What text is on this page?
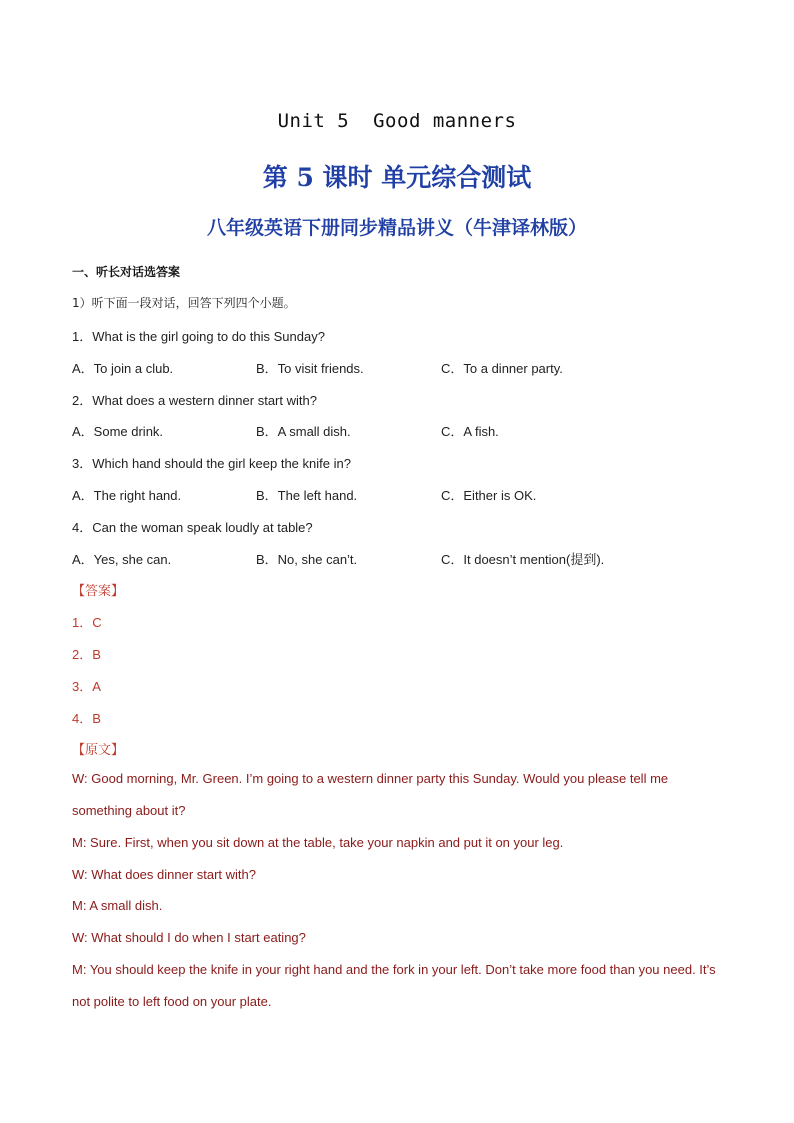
Unit 5  Good manners
第 5 课时 单元综合测试
八年级英语下册同步精品讲义（牛津译林版）
一、听长对话选答案
1）听下面一段对话，回答下列四个小题。
1．What is the girl going to do this Sunday?
A．To join a club.	B．To visit friends.	C．To a dinner party.
2．What does a western dinner start with?
A．Some drink.	B．A small dish.	C．A fish.
3．Which hand should the girl keep the knife in?
A．The right hand.	B．The left hand.	C．Either is OK.
4．Can the woman speak loudly at table?
A．Yes, she can.	B．No, she can’t.	C．It doesn’t mention(提到).
【答案】
1．C
2．B
3．A
4．B
【原文】
W: Good morning, Mr. Green. I’m going to a western dinner party this Sunday. Would you please tell me
something about it?
M: Sure. First, when you sit down at the table, take your napkin and put it on your leg.
W: What does dinner start with?
M: A small dish.
W: What should I do when I start eating?
M: You should keep the knife in your right hand and the fork in your left. Don’t take more food than you need. It’s
not polite to left food on your plate.
